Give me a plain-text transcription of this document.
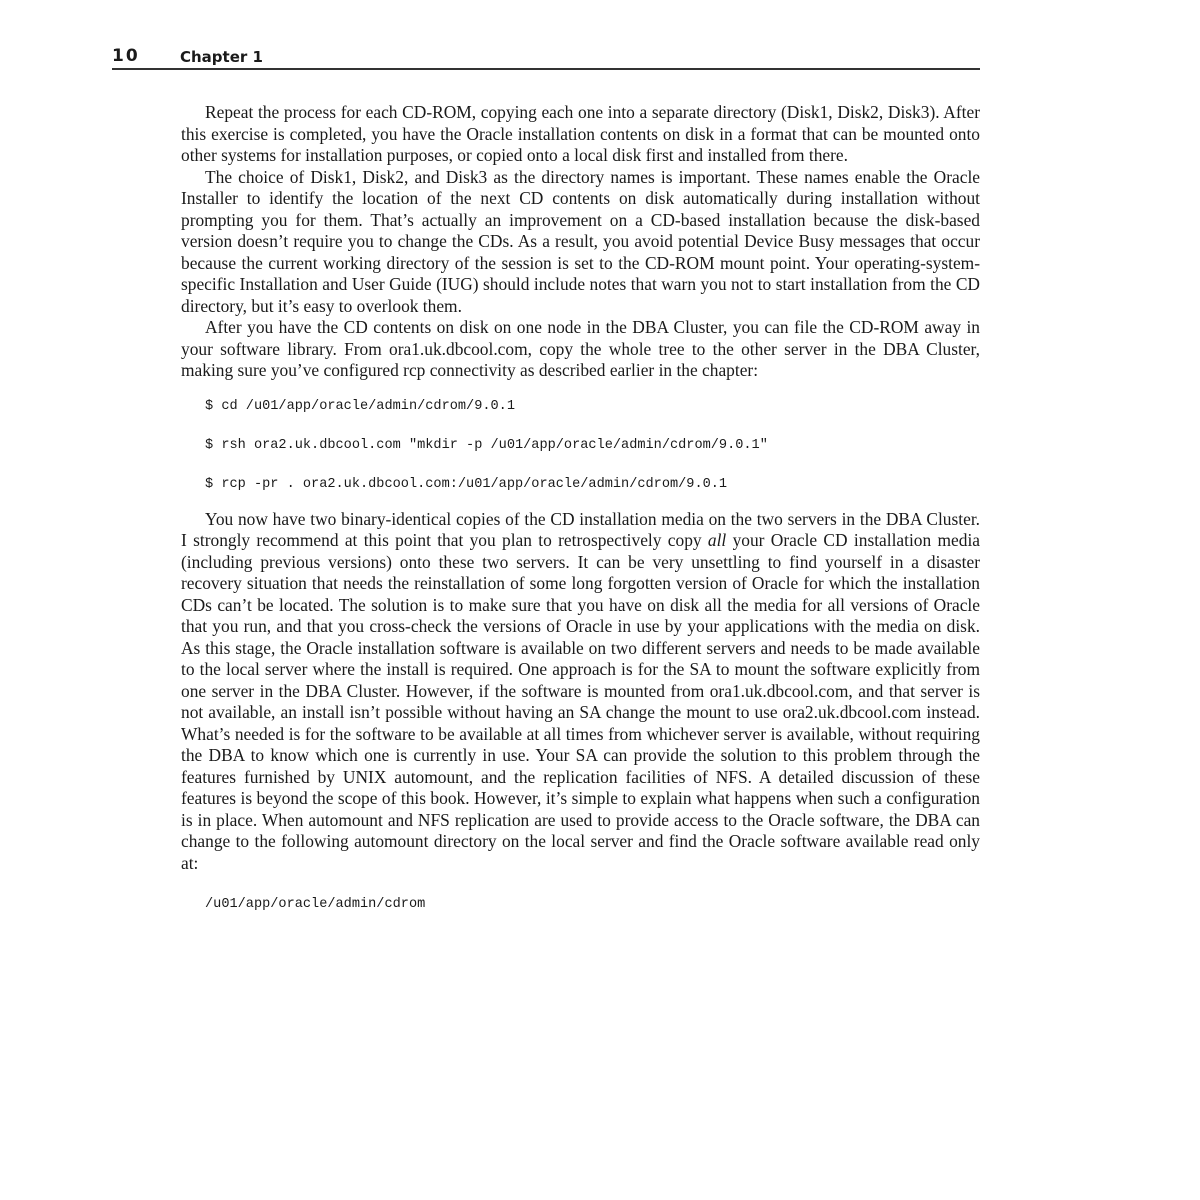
10	Chapter 1

Repeat the process for each CD-ROM, copying each one into a separate directory (Disk1, Disk2, Disk3). After this exercise is completed, you have the Oracle installation contents on disk in a format that can be mounted onto other systems for installation purposes, or copied onto a local disk first and installed from there.

The choice of Disk1, Disk2, and Disk3 as the directory names is important. These names enable the Oracle Installer to identify the location of the next CD contents on disk automatically during installation without prompting you for them. That’s actually an improvement on a CD-based installation because the disk-based version doesn’t require you to change the CDs. As a result, you avoid potential Device Busy messages that occur because the current working directory of the session is set to the CD-ROM mount point. Your operating-system-specific Installation and User Guide (IUG) should include notes that warn you not to start installation from the CD directory, but it’s easy to overlook them.

After you have the CD contents on disk on one node in the DBA Cluster, you can file the CD-ROM away in your software library. From ora1.uk.dbcool.com, copy the whole tree to the other server in the DBA Cluster, making sure you’ve configured rcp connectivity as described earlier in the chapter:

$ cd /u01/app/oracle/admin/cdrom/9.0.1
$ rsh ora2.uk.dbcool.com "mkdir -p /u01/app/oracle/admin/cdrom/9.0.1"
$ rcp -pr . ora2.uk.dbcool.com:/u01/app/oracle/admin/cdrom/9.0.1

You now have two binary-identical copies of the CD installation media on the two servers in the DBA Cluster. I strongly recommend at this point that you plan to retrospectively copy all your Oracle CD installation media (including previous versions) onto these two servers. It can be very unsettling to find yourself in a disaster recovery situation that needs the reinstallation of some long forgotten version of Oracle for which the installation CDs can’t be located. The solution is to make sure that you have on disk all the media for all versions of Oracle that you run, and that you cross-check the versions of Oracle in use by your applications with the media on disk. As this stage, the Oracle installation software is available on two different servers and needs to be made available to the local server where the install is required. One approach is for the SA to mount the software explicitly from one server in the DBA Cluster. However, if the software is mounted from ora1.uk.dbcool.com, and that server is not available, an install isn’t possible without having an SA change the mount to use ora2.uk.dbcool.com instead. What’s needed is for the software to be available at all times from whichever server is available, without requiring the DBA to know which one is currently in use. Your SA can provide the solution to this problem through the features furnished by UNIX automount, and the replication facilities of NFS. A detailed discussion of these features is beyond the scope of this book. However, it’s simple to explain what happens when such a configuration is in place. When automount and NFS replication are used to provide access to the Oracle software, the DBA can change to the following automount directory on the local server and find the Oracle software available read only at:

/u01/app/oracle/admin/cdrom
